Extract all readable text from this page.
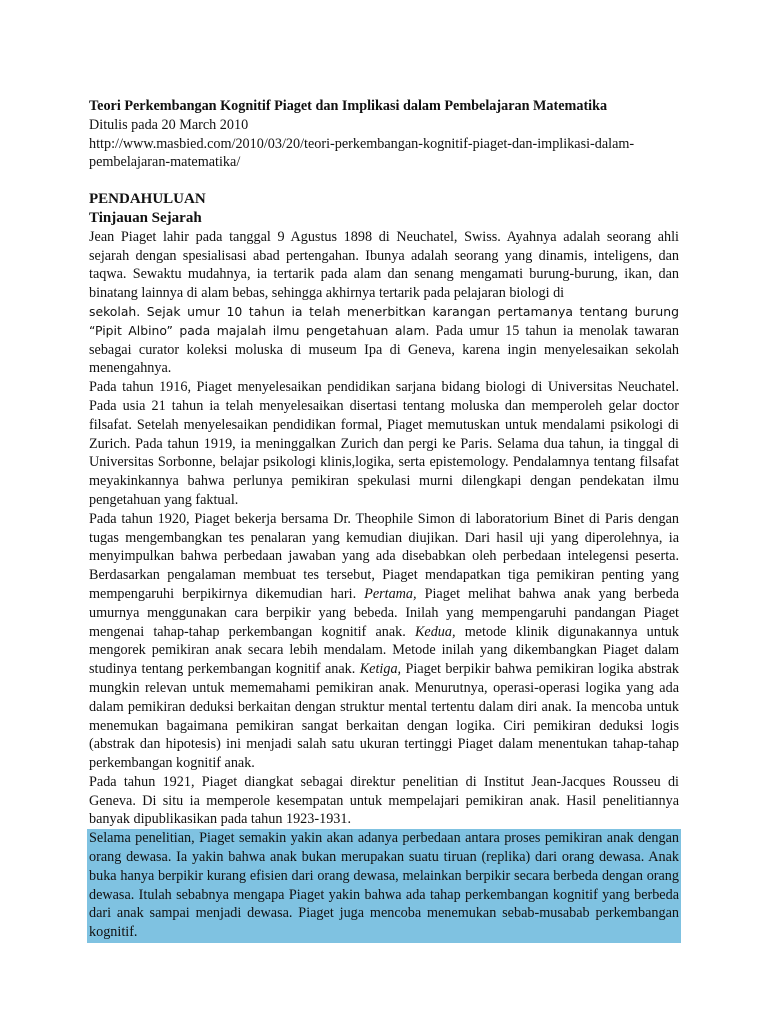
Teori Perkembangan Kognitif Piaget dan Implikasi dalam Pembelajaran Matematika
Ditulis pada 20 March 2010
http://www.masbied.com/2010/03/20/teori-perkembangan-kognitif-piaget-dan-implikasi-dalam-pembelajaran-matematika/
PENDAHULUAN
Tinjauan Sejarah

Jean Piaget lahir pada tanggal 9 Agustus 1898 di Neuchatel, Swiss. Ayahnya adalah seorang ahli sejarah dengan spesialisasi abad pertengahan. Ibunya adalah seorang yang dinamis, inteligens, dan taqwa. Sewaktu mudahnya, ia tertarik pada alam dan senang mengamati burung-burung, ikan, dan binatang lainnya di alam bebas, sehingga akhirnya tertarik pada pelajaran biologi di
sekolah. Sejak umur 10 tahun ia telah menerbitkan karangan pertamanya tentang burung “Pipit Albino” pada majalah ilmu pengetahuan alam. Pada umur 15 tahun ia menolak tawaran sebagai curator koleksi moluska di museum Ipa di Geneva, karena ingin menyelesaikan sekolah menengahnya.

Pada tahun 1916, Piaget menyelesaikan pendidikan sarjana bidang biologi di Universitas Neuchatel. Pada usia 21 tahun ia telah menyelesaikan disertasi tentang moluska dan memperoleh gelar doctor filsafat. Setelah menyelesaikan pendidikan formal, Piaget memutuskan untuk mendalami psikologi di Zurich. Pada tahun 1919, ia meninggalkan Zurich dan pergi ke Paris. Selama dua tahun, ia tinggal di Universitas Sorbonne, belajar psikologi klinis,logika, serta epistemology. Pendalamnya tentang filsafat meyakinkannya bahwa perlunya pemikiran spekulasi murni dilengkapi dengan pendekatan ilmu pengetahuan yang faktual.

Pada tahun 1920, Piaget bekerja bersama Dr. Theophile Simon di laboratorium Binet di Paris dengan tugas mengembangkan tes penalaran yang kemudian diujikan. Dari hasil uji yang diperolehnya, ia menyimpulkan bahwa perbedaan jawaban yang ada disebabkan oleh perbedaan intelegensi peserta. Berdasarkan pengalaman membuat tes tersebut, Piaget mendapatkan tiga pemikiran penting yang mempengaruhi berpikirnya dikemudian hari. Pertama, Piaget melihat bahwa anak yang berbeda umurnya menggunakan cara berpikir yang bebeda. Inilah yang mempengaruhi pandangan Piaget mengenai tahap-tahap perkembangan kognitif anak. Kedua, metode klinik digunakannya untuk mengorek pemikiran anak secara lebih mendalam. Metode inilah yang dikembangkan Piaget dalam studinya tentang perkembangan kognitif anak. Ketiga, Piaget berpikir bahwa pemikiran logika abstrak mungkin relevan untuk mememahami pemikiran anak. Menurutnya, operasi-operasi logika yang ada dalam pemikiran deduksi berkaitan dengan struktur mental tertentu dalam diri anak. Ia mencoba untuk menemukan bagaimana pemikiran sangat berkaitan dengan logika. Ciri pemikiran deduksi logis (abstrak dan hipotesis) ini menjadi salah satu ukuran tertinggi Piaget dalam menentukan tahap-tahap perkembangan kognitif anak.

Pada tahun 1921, Piaget diangkat sebagai direktur penelitian di Institut Jean-Jacques Rousseu di Geneva. Di situ ia memperole kesempatan untuk mempelajari pemikiran anak. Hasil penelitiannya banyak dipublikasikan pada tahun 1923-1931.

Selama penelitian, Piaget semakin yakin akan adanya perbedaan antara proses pemikiran anak dengan orang dewasa. Ia yakin bahwa anak bukan merupakan suatu tiruan (replika) dari orang dewasa. Anak buka hanya berpikir kurang efisien dari orang dewasa, melainkan berpikir secara berbeda dengan orang dewasa. Itulah sebabnya mengapa Piaget yakin bahwa ada tahap perkembangan kognitif yang berbeda dari anak sampai menjadi dewasa. Piaget juga mencoba menemukan sebab-musabab perkembangan kognitif.
